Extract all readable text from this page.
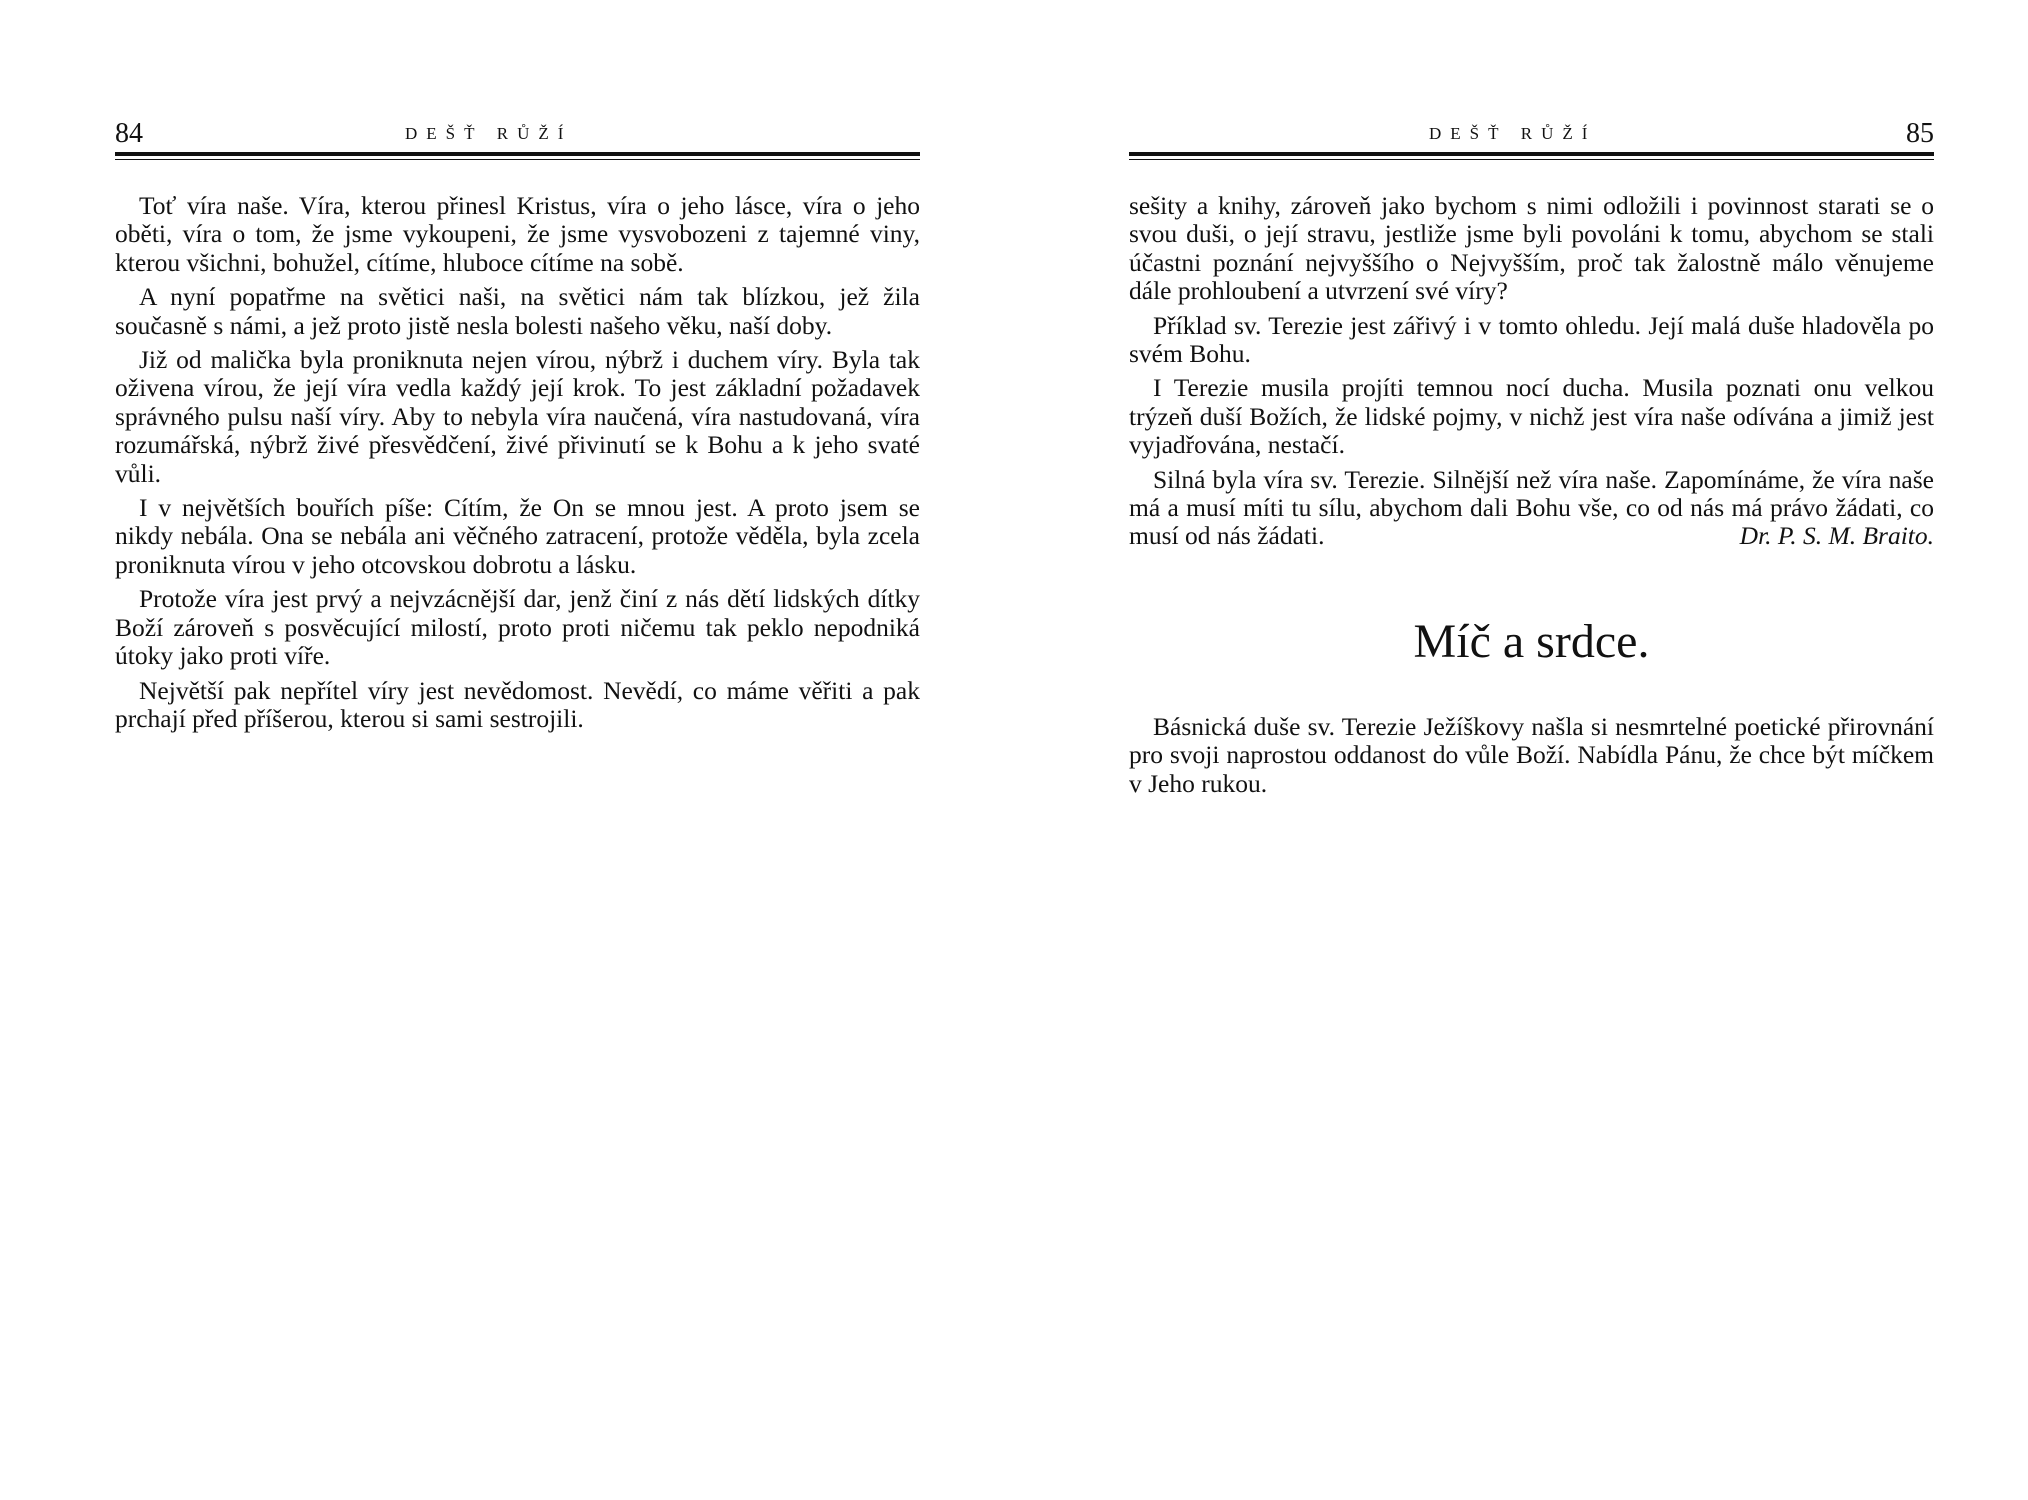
84	DEŠŤ RŮŽÍ

Toť víra naše. Víra, kterou přinesl Kristus, víra o jeho lásce, víra o jeho oběti, víra o tom, že jsme vykoupeni, že jsme vysvobozeni z tajemné viny, kterou všichni, bohužel, cítíme, hluboce cítíme na sobě.

A nyní popatřme na světici naši, na světici nám tak blízkou, jež žila současně s námi, a jež proto jistě nesla bolesti našeho věku, naší doby.

Již od malička byla proniknuta nejen vírou, nýbrž i duchem víry. Byla tak oživena vírou, že její víra vedla každý její krok. To jest základní požadavek správného pulsu naší víry. Aby to nebyla víra naučená, víra nastudovaná, víra rozumářská, nýbrž živé přesvědčení, živé přivinutí se k Bohu a k jeho svaté vůli.

I v největších bouřích píše: Cítím, že On se mnou jest. A proto jsem se nikdy nebála. Ona se nebála ani věčného zatracení, protože věděla, byla zcela proniknuta vírou v jeho otcovskou dobrotu a lásku.

Protože víra jest prvý a nejvzácnější dar, jenž činí z nás dětí lidských dítky Boží zároveň s posvěcující milostí, proto proti ničemu tak peklo nepodniká útoky jako proti víře.

Největší pak nepřítel víry jest nevědomost. Nevědí, co máme věřiti a pak prchají před příšerou, kterou si sami sestrojili.

DEŠŤ RŮŽÍ	85

sešity a knihy, zároveň jako bychom s nimi odložili i povinnost starati se o svou duši, o její stravu, jestliže jsme byli povoláni k tomu, abychom se stali účastni poznání nejvyššího o Nejvyšším, proč tak žalostně málo věnujeme dále prohloubení a utvrzení své víry?

Příklad sv. Terezie jest zářivý i v tomto ohledu. Její malá duše hladověla po svém Bohu.

I Terezie musila projíti temnou nocí ducha. Musila poznati onu velkou trýzeň duší Božích, že lidské pojmy, v nichž jest víra naše odívána a jimiž jest vyjadřována, nestačí.

Silná byla víra sv. Terezie. Silnější než víra naše. Zapomínáme, že víra naše má a musí míti tu sílu, abychom dali Bohu vše, co od nás má právo žádati, co musí od nás žádati.	Dr. P. S. M. Braito.

Míč a srdce.

Básnická duše sv. Terezie Ježíškovy našla si nesmrtelné poetické přirovnání pro svoji naprostou oddanost do vůle Boží. Nabídla Pánu, že chce být míčkem v Jeho rukou.
